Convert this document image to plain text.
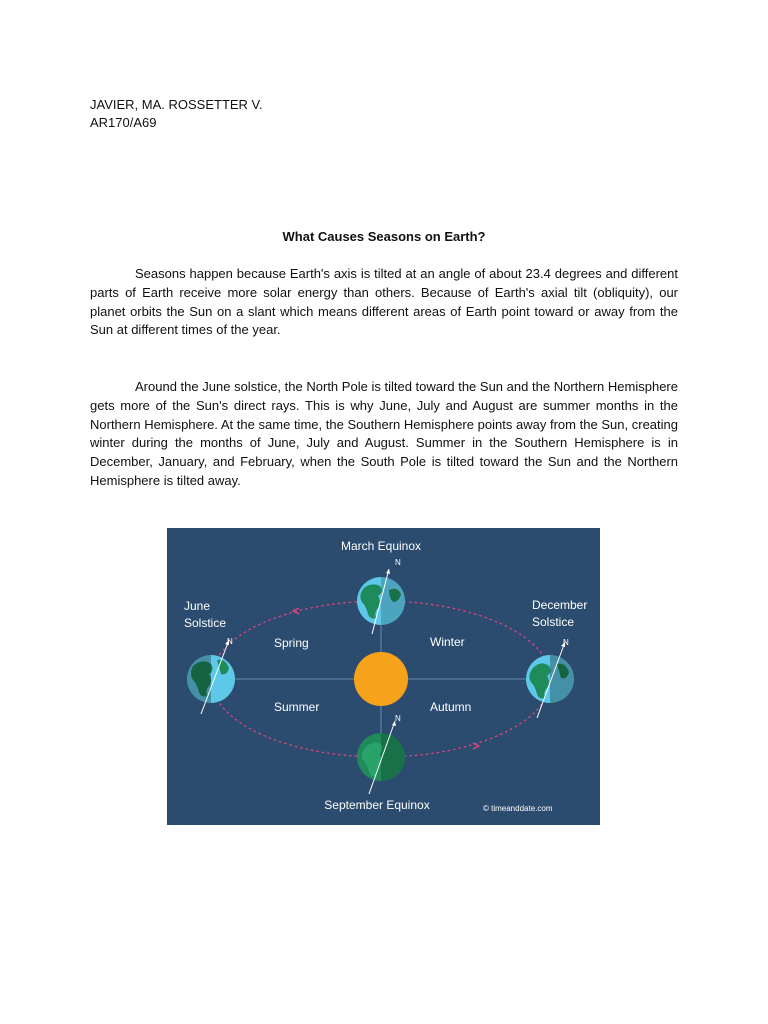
JAVIER, MA. ROSSETTER V.
AR170/A69
What Causes Seasons on Earth?

Seasons happen because Earth's axis is tilted at an angle of about 23.4 degrees and different parts of Earth receive more solar energy than others. Because of Earth's axial tilt (obliquity), our planet orbits the Sun on a slant which means different areas of Earth point toward or away from the Sun at different times of the year.

Around the June solstice, the North Pole is tilted toward the Sun and the Northern Hemisphere gets more of the Sun's direct rays. This is why June, July and August are summer months in the Northern Hemisphere. At the same time, the Southern Hemisphere points away from the Sun, creating winter during the months of June, July and August. Summer in the Southern Hemisphere is in December, January, and February, when the South Pole is tilted toward the Sun and the Northern Hemisphere is tilted away.

N
N	N
N
March Equinox
September Equinox
June
Solstice
December
Solstice
Spring	Winter
Summer	Autumn
© timeanddate.com
